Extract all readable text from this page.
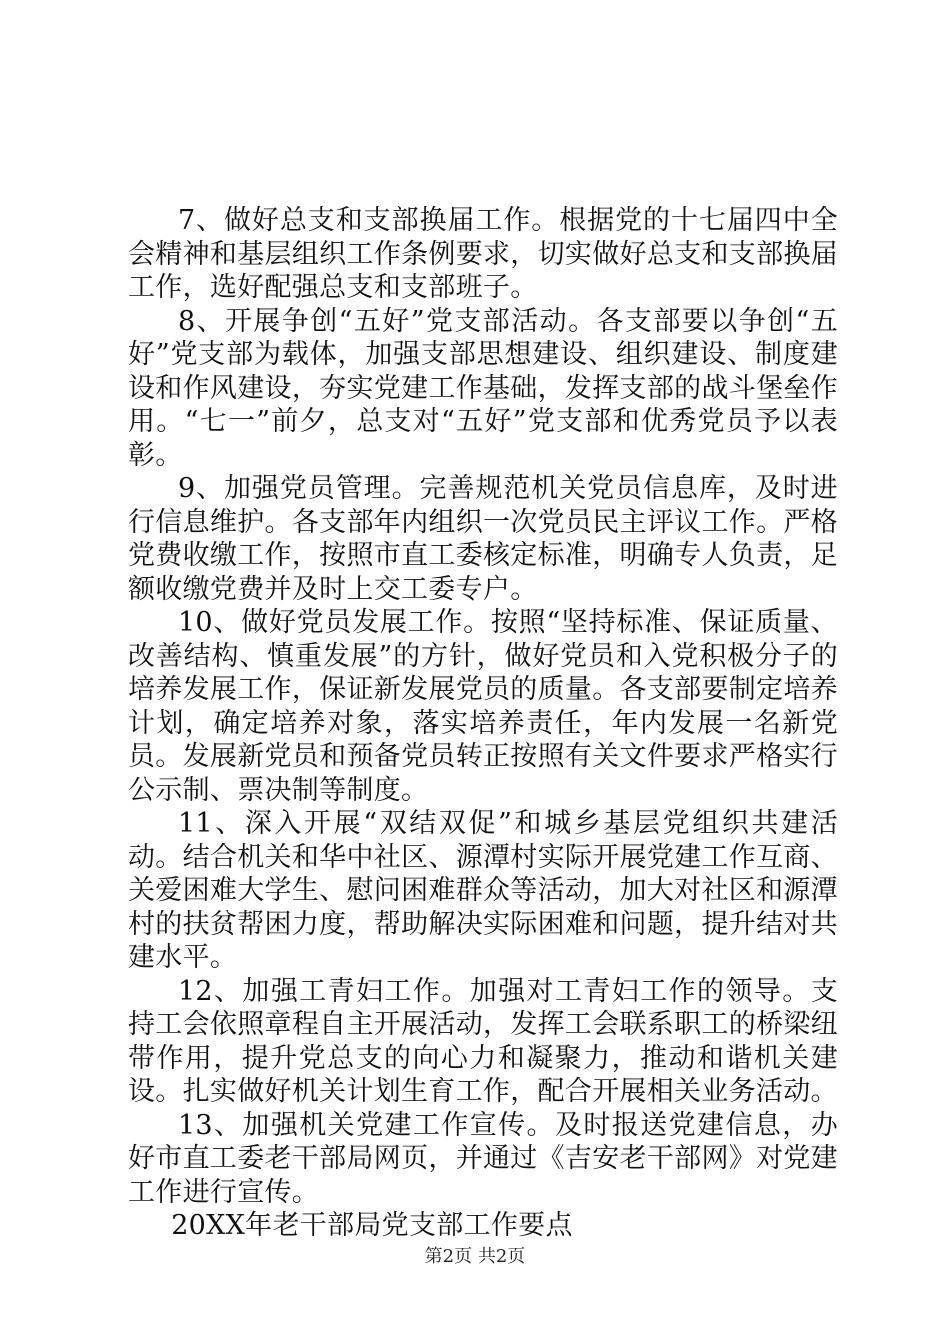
7、做好总支和支部换届工作。根据党的十七届四中全会精神和基层组织工作条例要求，切实做好总支和支部换届工作，选好配强总支和支部班子。

8、开展争创“五好”党支部活动。各支部要以争创“五好”党支部为载体，加强支部思想建设、组织建设、制度建设和作风建设，夯实党建工作基础，发挥支部的战斗堡垒作用。“七一”前夕，总支对“五好”党支部和优秀党员予以表彰。

9、加强党员管理。完善规范机关党员信息库，及时进行信息维护。各支部年内组织一次党员民主评议工作。严格党费收缴工作，按照市直工委核定标准，明确专人负责，足额收缴党费并及时上交工委专户。

10、做好党员发展工作。按照“坚持标准、保证质量、改善结构、慎重发展”的方针，做好党员和入党积极分子的培养发展工作，保证新发展党员的质量。各支部要制定培养计划，确定培养对象，落实培养责任，年内发展一名新党员。发展新党员和预备党员转正按照有关文件要求严格实行公示制、票决制等制度。

11、深入开展“双结双促”和城乡基层党组织共建活动。结合机关和华中社区、源潭村实际开展党建工作互商、关爱困难大学生、慰问困难群众等活动，加大对社区和源潭村的扶贫帮困力度，帮助解决实际困难和问题，提升结对共建水平。

12、加强工青妇工作。加强对工青妇工作的领导。支持工会依照章程自主开展活动，发挥工会联系职工的桥梁纽带作用，提升党总支的向心力和凝聚力，推动和谐机关建设。扎实做好机关计划生育工作，配合开展相关业务活动。

13、加强机关党建工作宣传。及时报送党建信息，办好市直工委老干部局网页，并通过《吉安老干部网》对党建工作进行宣传。

20XX年老干部局党支部工作要点

第2页 共2页
